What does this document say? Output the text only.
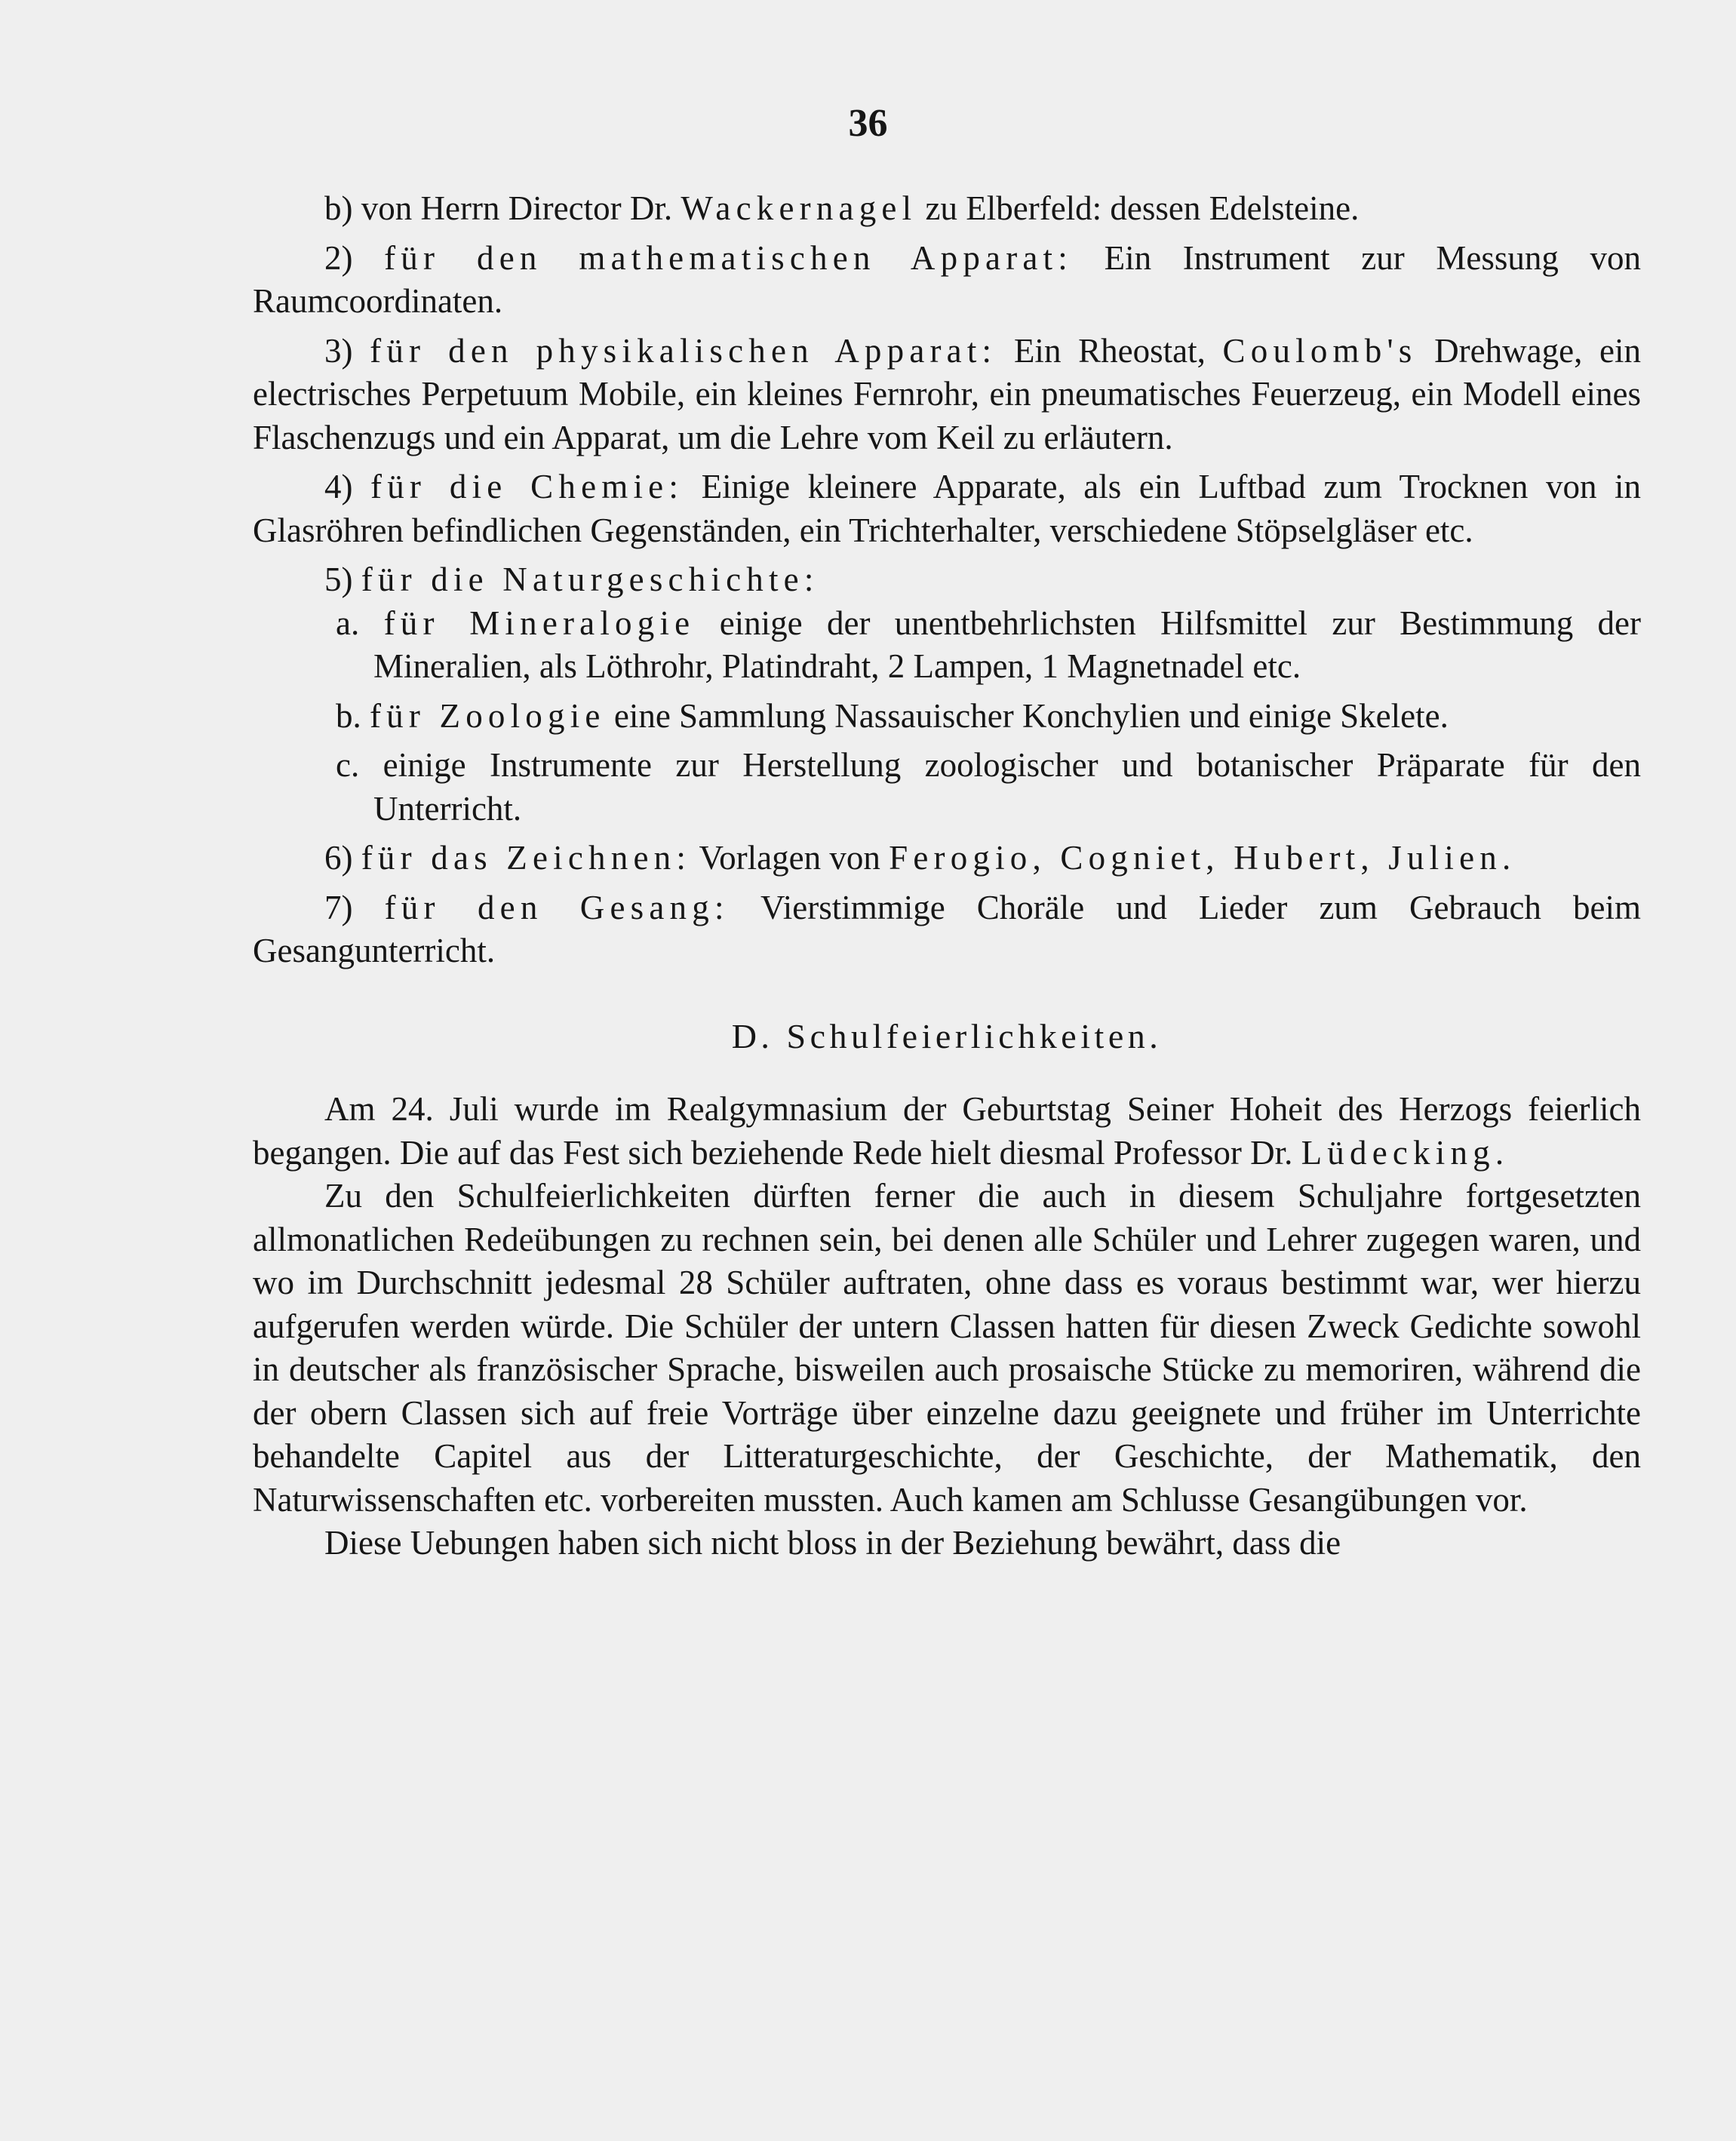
36

b) von Herrn Director Dr. Wackernagel zu Elberfeld: dessen Edelsteine.

2) für den mathematischen Apparat: Ein Instrument zur Messung von Raumcoordinaten.

3) für den physikalischen Apparat: Ein Rheostat, Coulomb's Drehwage, ein electrisches Perpetuum Mobile, ein kleines Fernrohr, ein pneumatisches Feuerzeug, ein Modell eines Flaschenzugs und ein Apparat, um die Lehre vom Keil zu erläutern.

4) für die Chemie: Einige kleinere Apparate, als ein Luftbad zum Trocknen von in Glasröhren befindlichen Gegenständen, ein Trichterhalter, verschiedene Stöpselgläser etc.

5) für die Naturgeschichte:

a. für Mineralogie einige der unentbehrlichsten Hilfsmittel zur Bestimmung der Mineralien, als Löthrohr, Platindraht, 2 Lampen, 1 Magnetnadel etc.

b. für Zoologie eine Sammlung Nassauischer Konchylien und einige Skelete.

c. einige Instrumente zur Herstellung zoologischer und botanischer Präparate für den Unterricht.

6) für das Zeichnen: Vorlagen von Ferogio, Cogniet, Hubert, Julien.

7) für den Gesang: Vierstimmige Choräle und Lieder zum Gebrauch beim Gesangunterricht.

D. Schulfeierlichkeiten.

Am 24. Juli wurde im Realgymnasium der Geburtstag Seiner Hoheit des Herzogs feierlich begangen. Die auf das Fest sich beziehende Rede hielt diesmal Professor Dr. Lüdecking.

Zu den Schulfeierlichkeiten dürften ferner die auch in diesem Schuljahre fortgesetzten allmonatlichen Redeübungen zu rechnen sein, bei denen alle Schüler und Lehrer zugegen waren, und wo im Durchschnitt jedesmal 28 Schüler auftraten, ohne dass es voraus bestimmt war, wer hierzu aufgerufen werden würde. Die Schüler der untern Classen hatten für diesen Zweck Gedichte sowohl in deutscher als französischer Sprache, bisweilen auch prosaische Stücke zu memoriren, während die der obern Classen sich auf freie Vorträge über einzelne dazu geeignete und früher im Unterrichte behandelte Capitel aus der Litteraturgeschichte, der Geschichte, der Mathematik, den Naturwissenschaften etc. vorbereiten mussten. Auch kamen am Schlusse Gesangübungen vor.

Diese Uebungen haben sich nicht bloss in der Beziehung bewährt, dass die
